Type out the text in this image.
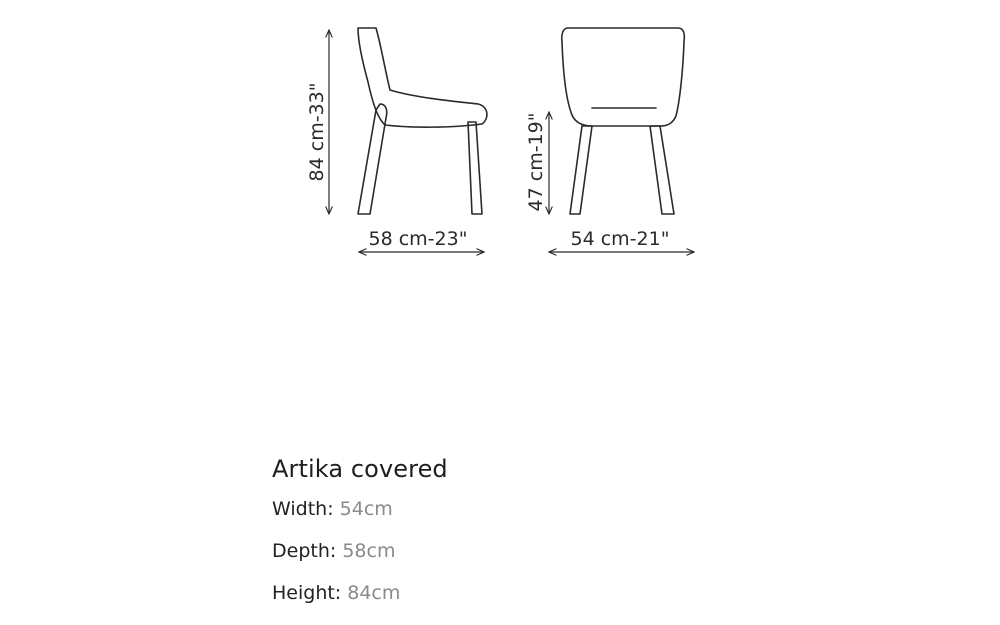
84 cm-33"
58 cm-23"
47 cm-19"
54 cm-21"
Artika covered
Width: 54cm
Depth: 58cm
Height: 84cm
